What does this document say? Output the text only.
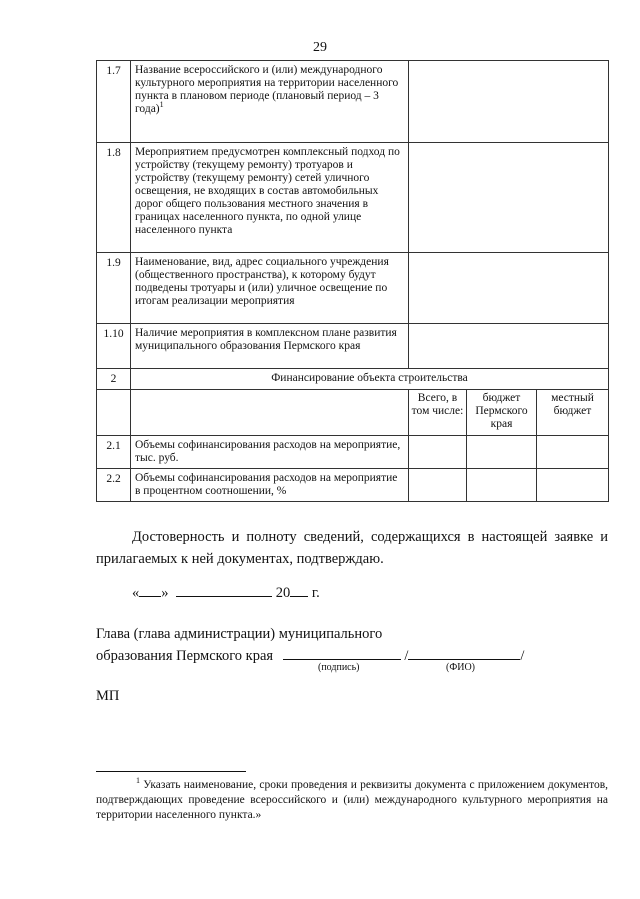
29
1.7	Название всероссийского и (или) международного культурного мероприятия на территории населенного пункта в плановом периоде (плановый период – 3 года)$^1$	
1.8	Мероприятием предусмотрен комплексный подход по устройству (текущему ремонту) тротуаров и устройству (текущему ремонту) сетей уличного освещения, не входящих в состав автомобильных дорог общего пользования местного значения в границах населенного пункта, по одной улице населенного пункта			
1.9	Наименование, вид, адрес социального учреждения (общественного пространства), к которому будут подведены тротуары и (или) уличное освещение по итогам реализации мероприятия			
1.10	Наличие мероприятия в комплексном плане развития муниципального образования Пермского края			
2	Финансирование объекта строительства			
		Всего, в том числе:	бюджет Пермского края	местный бюджет
2.1	Объемы софинансирования расходов на мероприятие, тыс. руб.			
2.2	Объемы софинансирования расходов на мероприятие в процентном соотношении, %			
Достоверность и полноту сведений, содержащихся в настоящей заявке и прилагаемых к ней документах, подтверждаю.
« »	20 г.
Глава (глава администрации) муниципального
образования Пермского края	/	/
(подпись)	(ФИО)
МП
$^1$ Указать наименование, сроки проведения и реквизиты документа с приложением документов, подтверждающих проведение всероссийского и (или) международного культурного мероприятия на территории населенного пункта.»
